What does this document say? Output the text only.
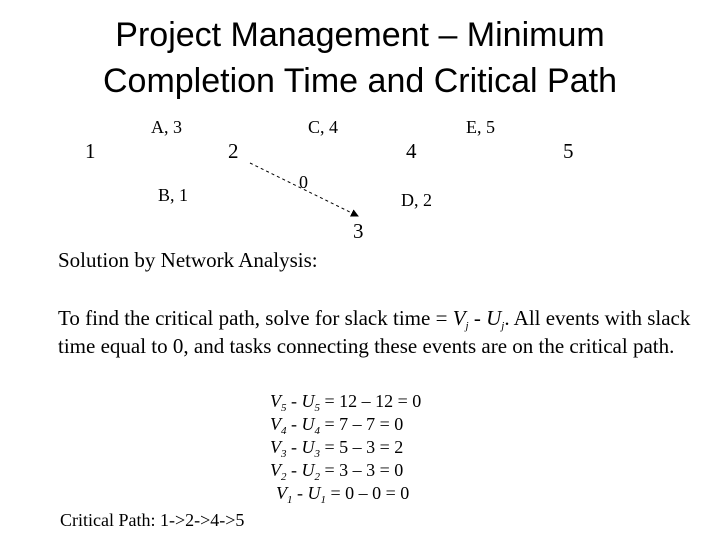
Project Management – Minimum
Completion Time and Critical Path
1	2	4	5
3
A, 3	C, 4	E, 5
B, 1
0
D, 2
Solution by Network Analysis:
To find the critical path, solve for slack time = $V_j - U_j$. All events with slack time equal to 0, and tasks connecting these events are on the critical path.
$V_5 - U_5 = 12 - 12 = 0$
$V_4 - U_4 = 7 - 7 = 0$
$V_3 - U_3 = 5 - 3 = 2$
$V_2 - U_2 = 3 - 3 = 0$
$V_1 - U_1 = 0 - 0 = 0$
Critical Path: 1->2->4->5
